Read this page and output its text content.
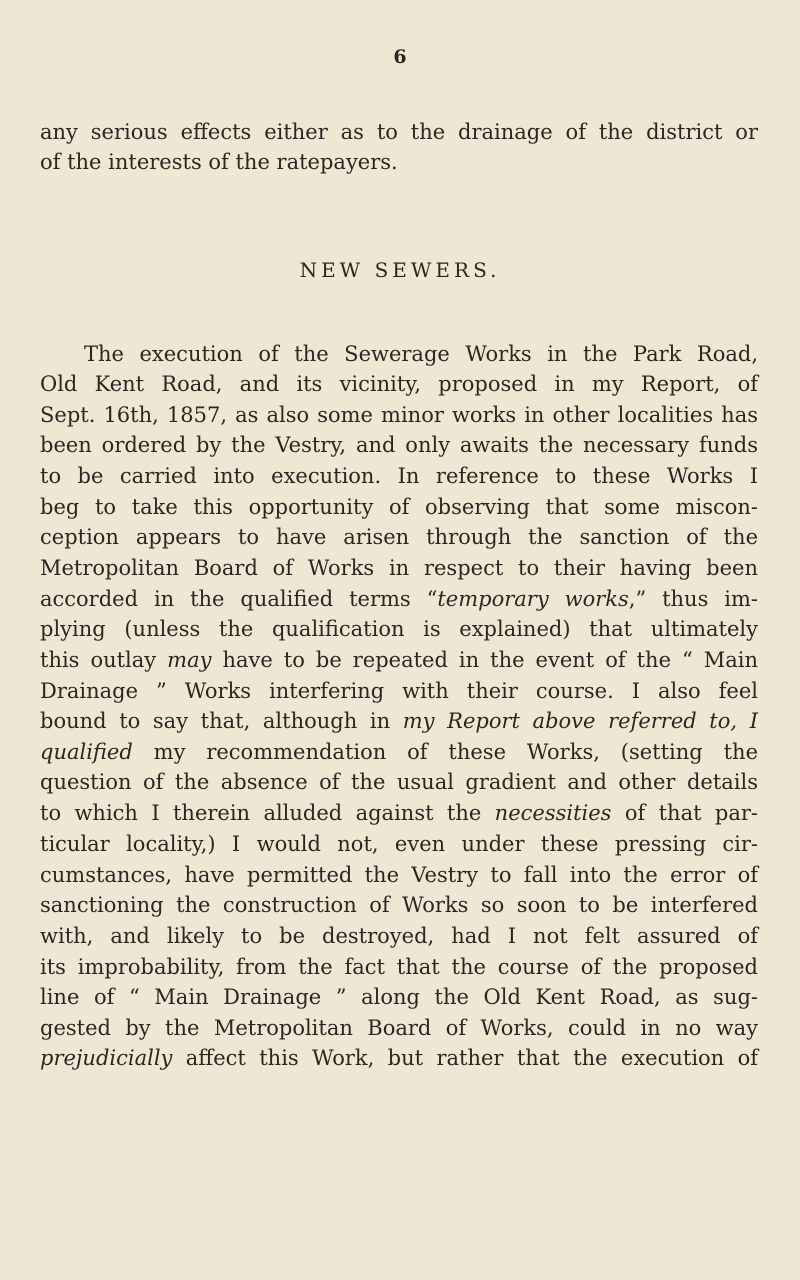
6
any serious effects either as to the drainage of the district or
of the interests of the ratepayers.
NEW SEWERS.
The execution of the Sewerage Works in the Park Road,
Old Kent Road, and its vicinity, proposed in my Report, of
Sept. 16th, 1857, as also some minor works in other localities has
been ordered by the Vestry, and only awaits the necessary funds
to be carried into execution. In reference to these Works I
beg to take this opportunity of observing that some miscon-
ception appears to have arisen through the sanction of the
Metropolitan Board of Works in respect to their having been
accorded in the qualified terms “temporary works,” thus im-
plying (unless the qualification is explained) that ultimately
this outlay may have to be repeated in the event of the “ Main
Drainage ” Works interfering with their course. I also feel
bound to say that, although in my Report above referred to, I
qualified my recommendation of these Works, (setting the
question of the absence of the usual gradient and other details
to which I therein alluded against the necessities of that par-
ticular locality,) I would not, even under these pressing cir-
cumstances, have permitted the Vestry to fall into the error of
sanctioning the construction of Works so soon to be interfered
with, and likely to be destroyed, had I not felt assured of
its improbability, from the fact that the course of the proposed
line of “ Main Drainage ” along the Old Kent Road, as sug-
gested by the Metropolitan Board of Works, could in no way
prejudicially affect this Work, but rather that the execution of
